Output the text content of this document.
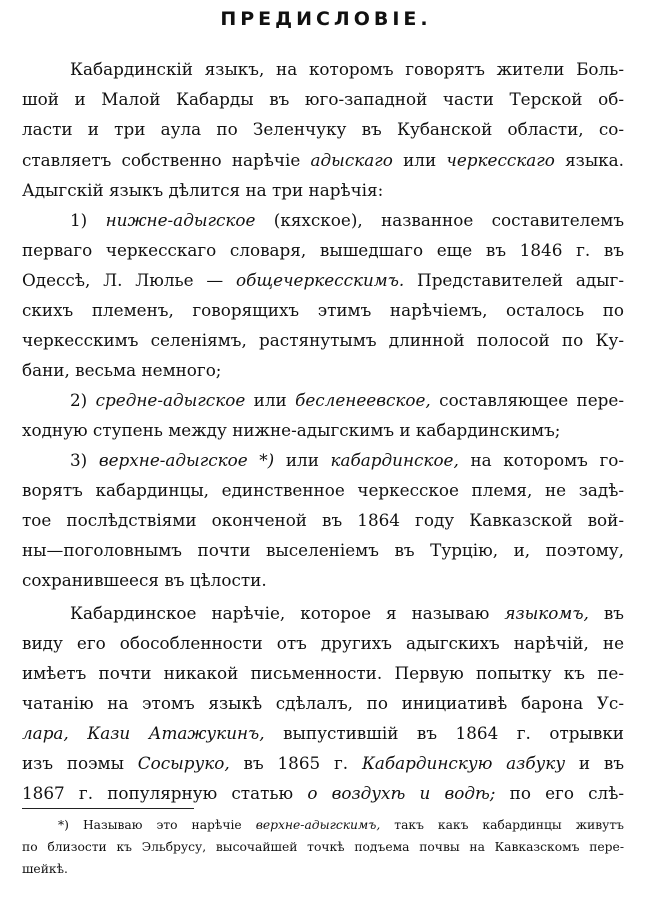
ПРЕДИСЛОВІЕ.
Кабардинскій языкъ, на которомъ говорятъ жители Боль-
шой и Малой Кабарды въ юго-западной части Терской об-
ласти и три аула по Зеленчуку въ Кубанской области, со-
ставляетъ собственно нарѣчіе адыскаго или черкесскаго языка.
Адыгскій языкъ дѣлится на три нарѣчія:
1) нижне-адыгское (кяхское), названное составителемъ
перваго черкесскаго словаря, вышедшаго еще въ 1846 г. въ
Одессѣ, Л. Люлье — общечеркесскимъ. Представителей адыг-
скихъ племенъ, говорящихъ этимъ нарѣчіемъ, осталось по
черкесскимъ селеніямъ, растянутымъ длинной полосой по Ку-
бани, весьма немного;
2) средне-адыгское или бесленеевское, составляющее пере-
ходную ступень между нижне-адыгскимъ и кабардинскимъ;
3) верхне-адыгское *) или кабардинское, на которомъ го-
ворятъ кабардинцы, единственное черкесское племя, не задѣ-
тое послѣдствіями оконченой въ 1864 году Кавказской вой-
ны—поголовнымъ почти выселеніемъ въ Турцію, и, поэтому,
сохранившееся въ цѣлости.
Кабардинское нарѣчіе, которое я называю языкомъ, въ
виду его обособленности отъ другихъ адыгскихъ нарѣчій, не
имѣетъ почти никакой письменности. Первую попытку къ пе-
чатанію на этомъ языкѣ сдѣлалъ, по инициативѣ барона Ус-
лара, Кази Атажукинъ, выпустившій въ 1864 г. отрывки
изъ поэмы Сосыруко, въ 1865 г. Кабардинскую азбуку и въ
1867 г. популярную статью о воздухѣ и водѣ; по его слѣ-
*) Называю это нарѣчіе верхне-адыгскимъ, такъ какъ кабардинцы живутъ
по близости къ Эльбрусу, высочайшей точкѣ подъема почвы на Кавказскомъ пере-
шейкѣ.
